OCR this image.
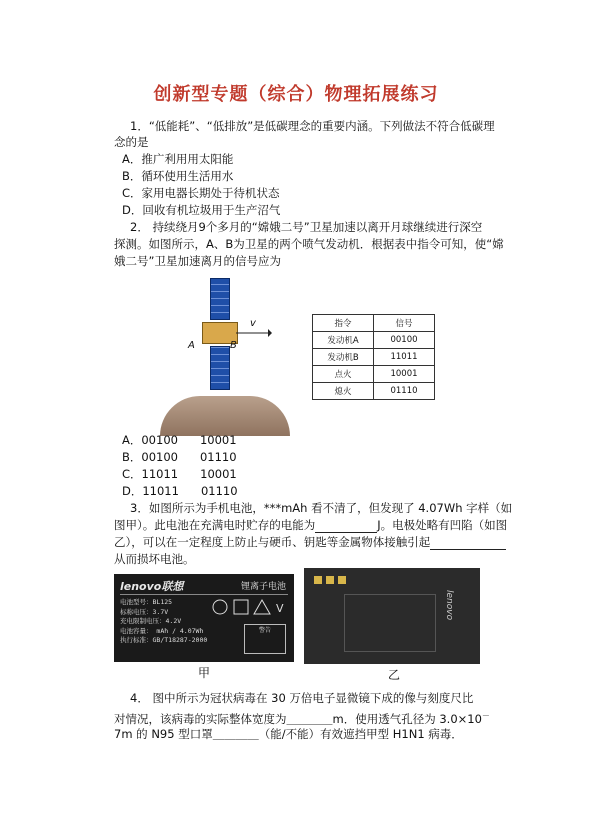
创新型专题（综合）物理拓展练习
1．“低能耗”、“低排放”是低碳理念的重要内涵。下列做法不符合低碳理
念的是
A．推广利用用太阳能
B．循环使用生活用水
C．家用电器长期处于待机状态
D．回收有机垃圾用于生产沼气
2． 持续绕月9个多月的“嫦娥二号”卫星加速以离开月球继续进行深空
探测。如图所示，A、B为卫星的两个喷气发动机．根据表中指令可知，使“嫦
娥二号”卫星加速离月的信号应为
A	B
v	指令	信号
发动机A	00100
发动机B	11011
点火	10001
熄火	01110
A．00100 10001
B．00100 01110
C．11011 10001
D．11011 01110
3．如图所示为手机电池，***mAh 看不清了，但发现了 4.07Wh 字样（如
图甲）。此电池在充满电时贮存的电能为	J。电极处略有凹陷（如图
乙），可以在一定程度上防止与硬币、钥匙等金属物体接触引起
从而损坏电池。
lenovo联想	锂离子电池
电池型号：BL125
标称电压：3.7V
充电限制电压：4.2V
电池容量： mAh / 4.07Wh
执行标准：GB/T18287-2000
V
警告
lenovo
甲	乙
4． 图中所示为冠状病毒在 30 万倍电子显微镜下成的像与刻度尺比
对情况，该病毒的实际整体宽度为＿＿＿＿m．使用透气孔径为 3.0×10－
7m 的 N95 型口罩＿＿＿＿（能/不能）有效遮挡甲型 H1N1 病毒．
